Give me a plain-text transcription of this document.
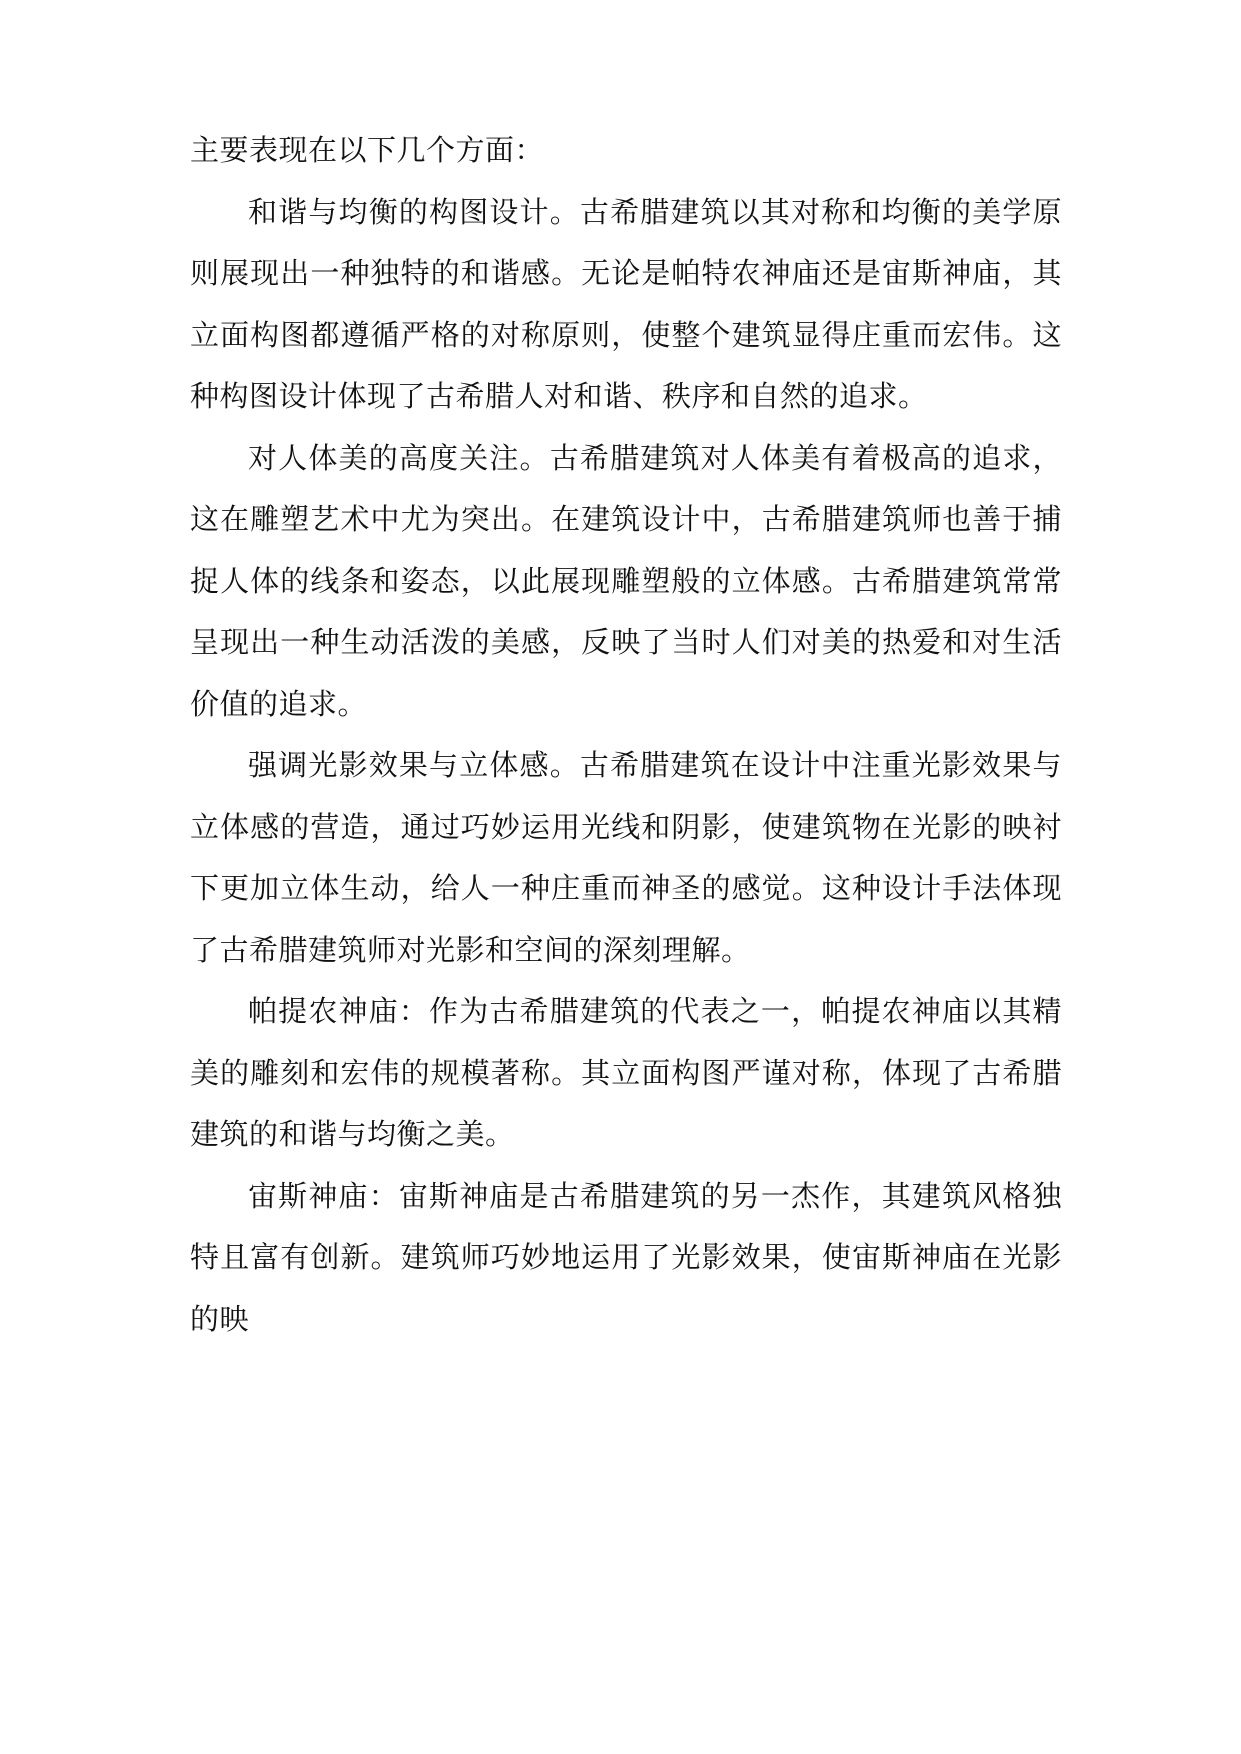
主要表现在以下几个方面：

和谐与均衡的构图设计。古希腊建筑以其对称和均衡的美学原则展现出一种独特的和谐感。无论是帕特农神庙还是宙斯神庙，其立面构图都遵循严格的对称原则，使整个建筑显得庄重而宏伟。这种构图设计体现了古希腊人对和谐、秩序和自然的追求。

对人体美的高度关注。古希腊建筑对人体美有着极高的追求，这在雕塑艺术中尤为突出。在建筑设计中，古希腊建筑师也善于捕捉人体的线条和姿态，以此展现雕塑般的立体感。古希腊建筑常常呈现出一种生动活泼的美感，反映了当时人们对美的热爱和对生活价值的追求。

强调光影效果与立体感。古希腊建筑在设计中注重光影效果与立体感的营造，通过巧妙运用光线和阴影，使建筑物在光影的映衬下更加立体生动，给人一种庄重而神圣的感觉。这种设计手法体现了古希腊建筑师对光影和空间的深刻理解。

帕提农神庙：作为古希腊建筑的代表之一，帕提农神庙以其精美的雕刻和宏伟的规模著称。其立面构图严谨对称，体现了古希腊建筑的和谐与均衡之美。

宙斯神庙：宙斯神庙是古希腊建筑的另一杰作，其建筑风格独特且富有创新。建筑师巧妙地运用了光影效果，使宙斯神庙在光影的映
